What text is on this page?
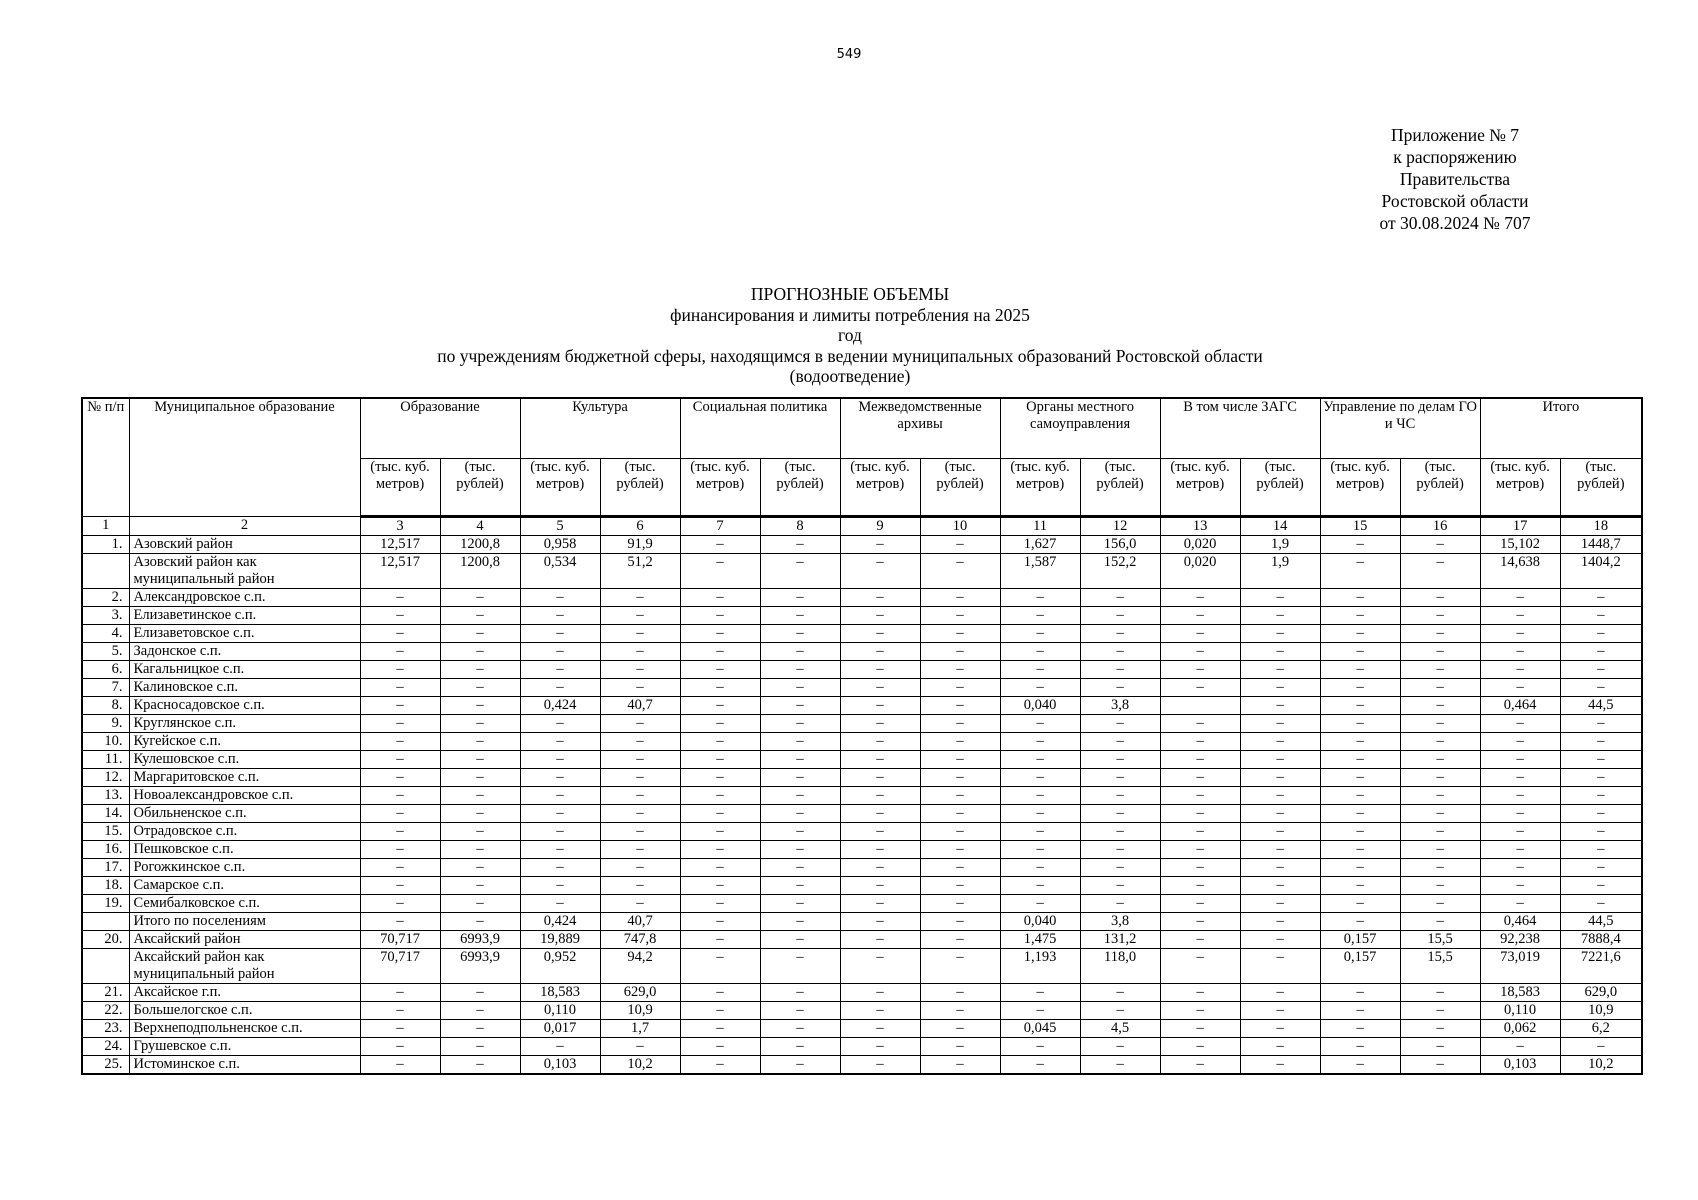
549
Приложение № 7
к распоряжению
Правительства
Ростовской области
от 30.08.2024 № 707
ПРОГНОЗНЫЕ ОБЪЕМЫ
финансирования и лимиты потребления на 2025
год
по учреждениям бюджетной сферы, находящимся в ведении муниципальных образований Ростовской области
(водоотведение)
№ п/п	Муниципальное образование	Образование		Культура		Социальная политика		Межведомственные архивы		Органы местного самоуправления		В том числе ЗАГС		Управление по делам ГО и ЧС		Итого	
		(тыс. куб. метров)	(тыс. рублей)	(тыс. куб. метров)	(тыс. рублей)	(тыс. куб. метров)	(тыс. рублей)	(тыс. куб. метров)	(тыс. рублей)	(тыс. куб. метров)	(тыс. рублей)	(тыс. куб. метров)	(тыс. рублей)	(тыс. куб. метров)	(тыс. рублей)	(тыс. куб. метров)	(тыс. рублей)
1	2	3	4	5	6	7	8	9	10	11	12	13	14	15	16	17	18
1.	Азовский район	12,517	1200,8	0,958	91,9	–	–	–	–	1,627	156,0	0,020	1,9	–	–	15,102	1448,7
	Азовский район как муниципальный район	12,517	1200,8	0,534	51,2	–	–	–	–	1,587	152,2	0,020	1,9	–	–	14,638	1404,2
2.	Александровское с.п.	–	–	–	–	–	–	–	–	–	–	–	–	–	–	–	–
3.	Елизаветинское с.п.	–	–	–	–	–	–	–	–	–	–	–	–	–	–	–	–
4.	Елизаветовское с.п.	–	–	–	–	–	–	–	–	–	–	–	–	–	–	–	–
5.	Задонское с.п.	–	–	–	–	–	–	–	–	–	–	–	–	–	–	–	–
6.	Кагальницкое с.п.	–	–	–	–	–	–	–	–	–	–	–	–	–	–	–	–
7.	Калиновское с.п.	–	–	–	–	–	–	–	–	–	–	–	–	–	–	–	–
8.	Красносадовское с.п.	–	–	0,424	40,7	–	–	–	–	0,040	3,8		–	–	–	0,464	44,5
9.	Круглянское с.п.	–	–	–	–	–	–	–	–	–	–	–	–	–	–	–	–
10.	Кугейское с.п.	–	–	–	–	–	–	–	–	–	–	–	–	–	–	–	–
11.	Кулешовское с.п.	–	–	–	–	–	–	–	–	–	–	–	–	–	–	–	–
12.	Маргаритовское с.п.	–	–	–	–	–	–	–	–	–	–	–	–	–	–	–	–
13.	Новоалександровское с.п.	–	–	–	–	–	–	–	–	–	–	–	–	–	–	–	–
14.	Обильненское с.п.	–	–	–	–	–	–	–	–	–	–	–	–	–	–	–	–
15.	Отрадовское с.п.	–	–	–	–	–	–	–	–	–	–	–	–	–	–	–	–
16.	Пешковское с.п.	–	–	–	–	–	–	–	–	–	–	–	–	–	–	–	–
17.	Рогожкинское с.п.	–	–	–	–	–	–	–	–	–	–	–	–	–	–	–	–
18.	Самарское с.п.	–	–	–	–	–	–	–	–	–	–	–	–	–	–	–	–
19.	Семибалковское с.п.	–	–	–	–	–	–	–	–	–	–	–	–	–	–	–	–
	Итого по поселениям	–	–	0,424	40,7	–	–	–	–	0,040	3,8	–	–	–	–	0,464	44,5
20.	Аксайский район	70,717	6993,9	19,889	747,8	–	–	–	–	1,475	131,2	–	–	0,157	15,5	92,238	7888,4
	Аксайский район как муниципальный район	70,717	6993,9	0,952	94,2	–	–	–	–	1,193	118,0	–	–	0,157	15,5	73,019	7221,6
21.	Аксайское г.п.	–	–	18,583	629,0	–	–	–	–	–	–	–	–	–	–	18,583	629,0
22.	Большелогское с.п.	–	–	0,110	10,9	–	–	–	–	–	–	–	–	–	–	0,110	10,9
23.	Верхнеподпольненское с.п.	–	–	0,017	1,7	–	–	–	–	0,045	4,5	–	–	–	–	0,062	6,2
24.	Грушевское с.п.	–	–	–	–	–	–	–	–	–	–	–	–	–	–	–	–
25.	Истоминское с.п.	–	–	0,103	10,2	–	–	–	–	–	–	–	–	–	–	0,103	10,2
